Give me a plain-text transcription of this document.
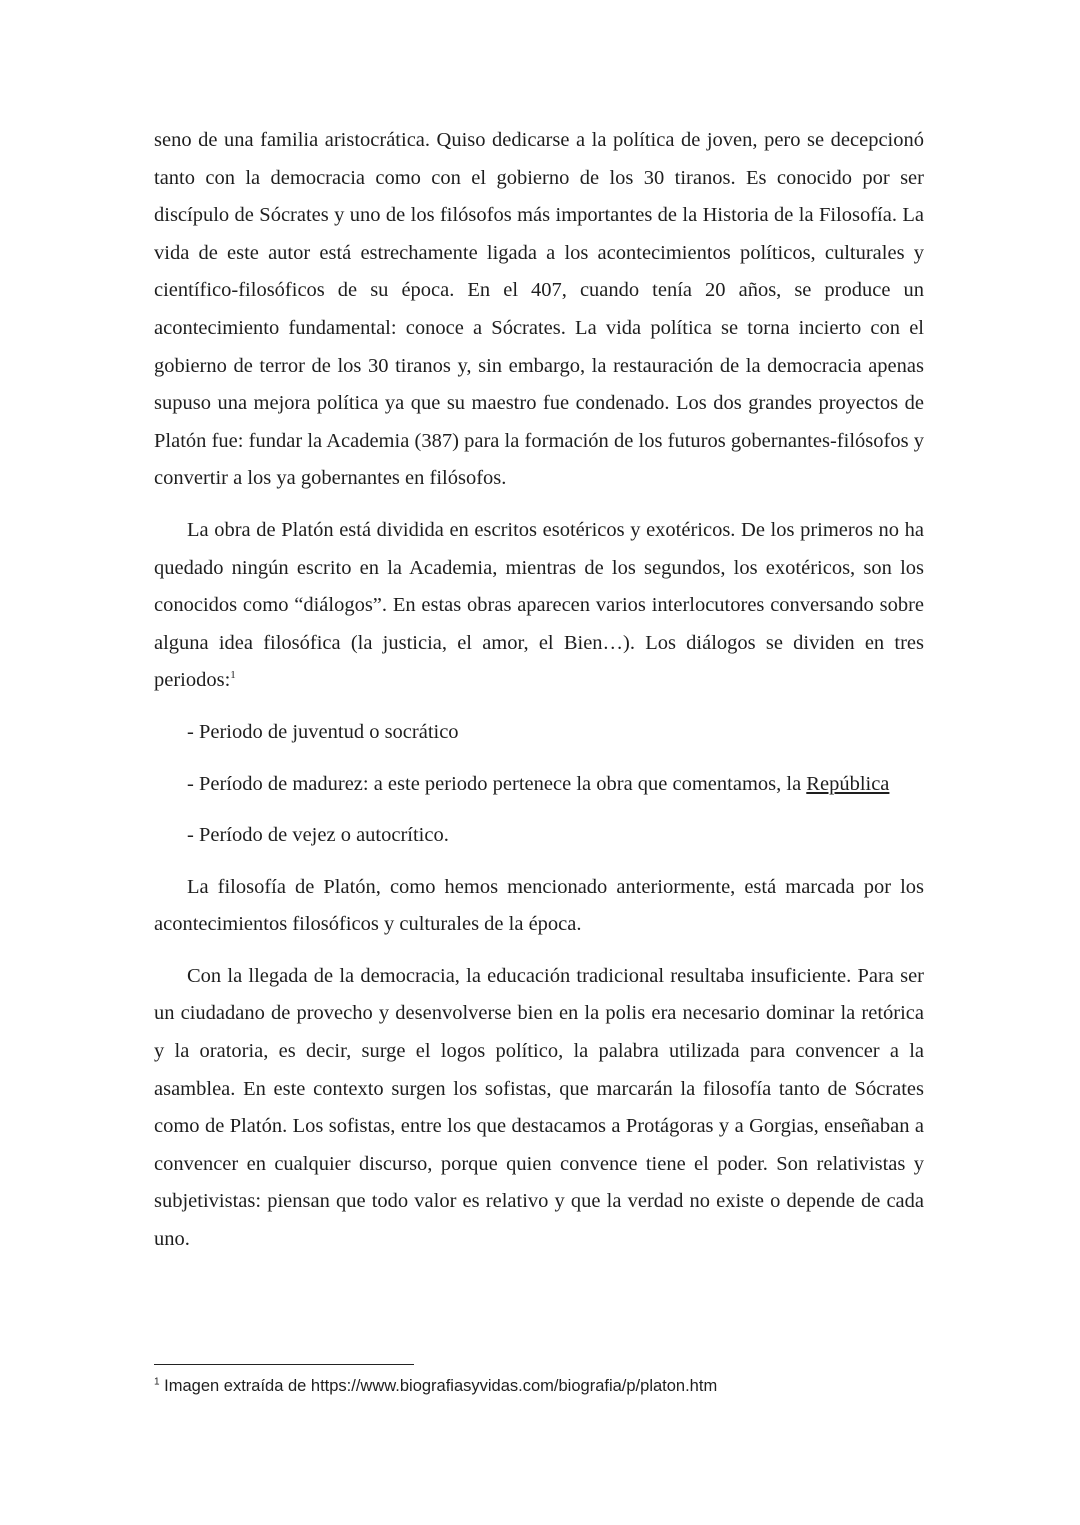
seno de una familia aristocrática. Quiso dedicarse a la política de joven, pero se decepcionó tanto con la democracia como con el gobierno de los 30 tiranos. Es conocido por ser discípulo de Sócrates y uno de los filósofos más importantes de la Historia de la Filosofía. La vida de este autor está estrechamente ligada a los acontecimientos políticos, culturales y científico-filosóficos de su época. En el 407, cuando tenía 20 años, se produce un acontecimiento fundamental: conoce a Sócrates. La vida política se torna incierto con el gobierno de terror de los 30 tiranos y, sin embargo, la restauración de la democracia apenas supuso una mejora política ya que su maestro fue condenado. Los dos grandes proyectos de Platón fue: fundar la Academia (387) para la formación de los futuros gobernantes-filósofos y convertir a los ya gobernantes en filósofos.

La obra de Platón está dividida en escritos esotéricos y exotéricos. De los primeros no ha quedado ningún escrito en la Academia, mientras de los segundos, los exotéricos, son los conocidos como “diálogos”. En estas obras aparecen varios interlocutores conversando sobre alguna idea filosófica (la justicia, el amor, el Bien…). Los diálogos se dividen en tres periodos:$^1$

- Periodo de juventud o socrático

- Período de madurez: a este periodo pertenece la obra que comentamos, la República

- Período de vejez o autocrítico.

La filosofía de Platón, como hemos mencionado anteriormente, está marcada por los acontecimientos filosóficos y culturales de la época.

Con la llegada de la democracia, la educación tradicional resultaba insuficiente. Para ser un ciudadano de provecho y desenvolverse bien en la polis era necesario dominar la retórica y la oratoria, es decir, surge el logos político, la palabra utilizada para convencer a la asamblea. En este contexto surgen los sofistas, que marcarán la filosofía tanto de Sócrates como de Platón. Los sofistas, entre los que destacamos a Protágoras y a Gorgias, enseñaban a convencer en cualquier discurso, porque quien convence tiene el poder. Son relativistas y subjetivistas: piensan que todo valor es relativo y que la verdad no existe o depende de cada uno.

$^1$ Imagen extraída de https://www.biografiasyvidas.com/biografia/p/platon.htm
